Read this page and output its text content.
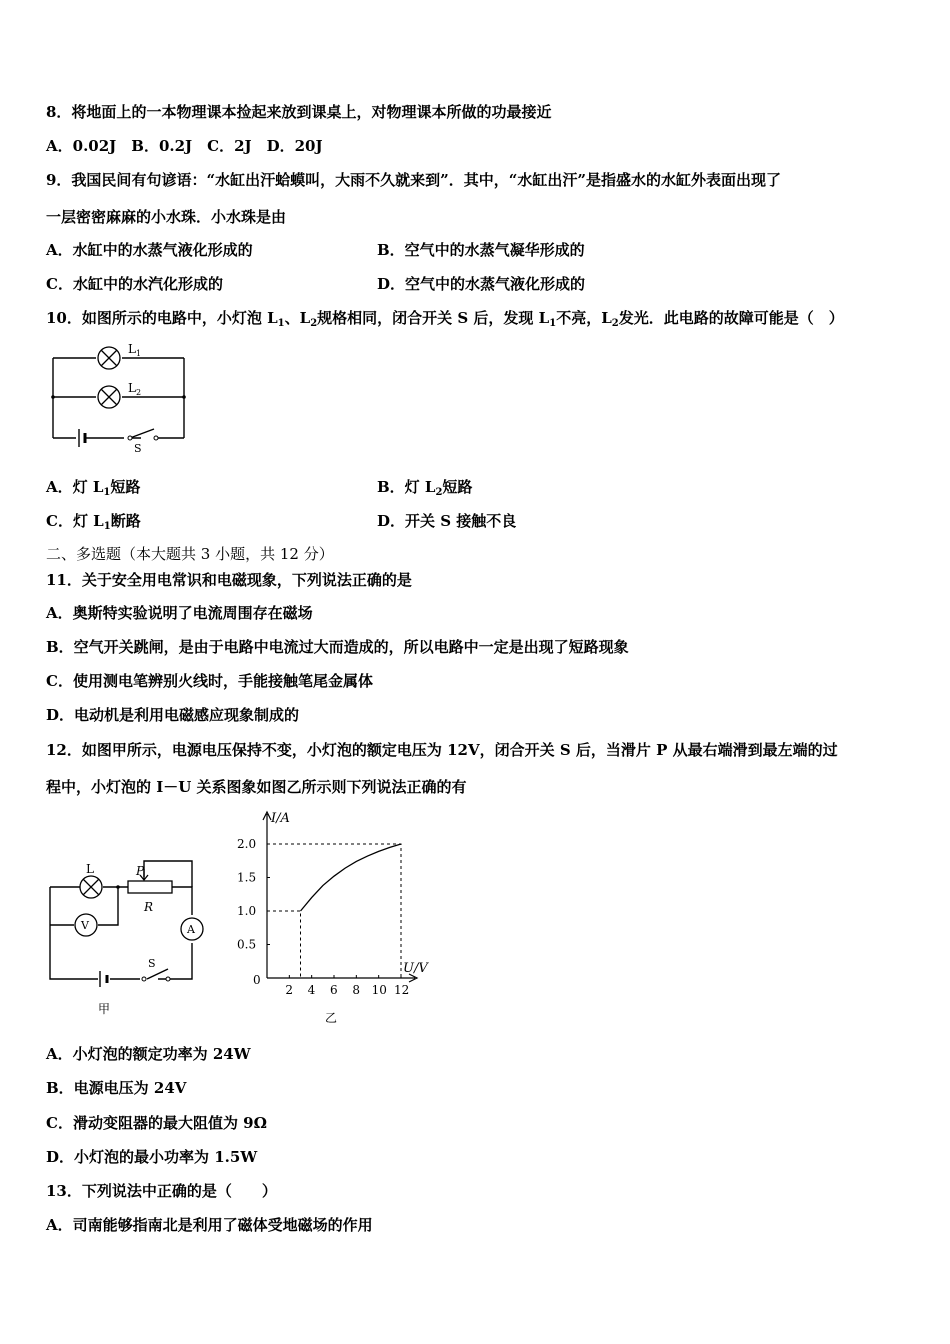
8．将地面上的一本物理课本捡起来放到课桌上，对物理课本所做的功最接近
A．0.02J　B．0.2J　C．2J　D．20J
9．我国民间有句谚语：“水缸出汗蛤蟆叫，大雨不久就来到”．其中，“水缸出汗”是指盛水的水缸外表面出现了
一层密密麻麻的小水珠．小水珠是由
A．水缸中的水蒸气液化形成的	B．空气中的水蒸气凝华形成的
C．水缸中的水汽化形成的	D．空气中的水蒸气液化形成的
10．如图所示的电路中，小灯泡 $L_1$、$L_2$规格相同，闭合开关 S 后，发现 $L_1$不亮，$L_2$发光．此电路的故障可能是（　）
$L_1$
$L_2$
S
A．灯 $L_1$短路	B．灯 $L_2$短路
C．灯 $L_1$断路	D．开关 S 接触不良
二、多选题（本大题共 3 小题，共 12 分）
11．关于安全用电常识和电磁现象，下列说法正确的是
A．奥斯特实验说明了电流周围存在磁场
B．空气开关跳闸，是由于电路中电流过大而造成的，所以电路中一定是出现了短路现象
C．使用测电笔辨别火线时，手能接触笔尾金属体
D．电动机是利用电磁感应现象制成的
12．如图甲所示，电源电压保持不变，小灯泡的额定电压为 12V，闭合开关 S 后，当滑片 P 从最右端滑到最左端的过
程中，小灯泡的 I－U 关系图象如图乙所示则下列说法正确的有
L
V	A
P
R
S
甲
2 4 6 8 10 12
0.5
1.0
1.5
2.0
I/A
U/V
0
乙
A．小灯泡的额定功率为 24W
B．电源电压为 24V
C．滑动变阻器的最大阻值为 9Ω
D．小灯泡的最小功率为 1.5W
13．下列说法中正确的是（　　）
A．司南能够指南北是利用了磁体受地磁场的作用
